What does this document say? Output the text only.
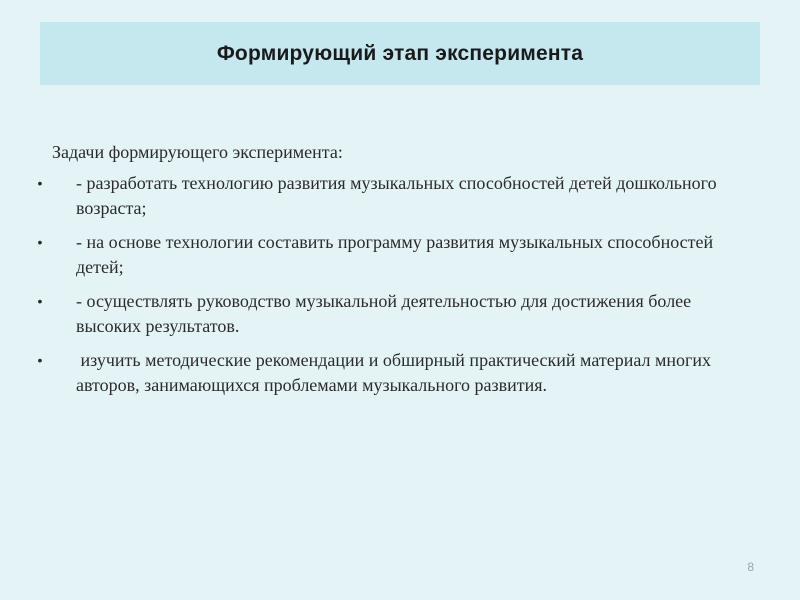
Формирующий этап эксперимента

Задачи формирующего эксперимента:

•	- разработать технологию развития музыкальных способностей детей дошкольного возраста;
•	- на основе технологии составить программу развития музыкальных способностей детей;
•	- осуществлять руководство музыкальной деятельностью для достижения более высоких результатов.
•	изучить методические рекомендации и обширный практический материал многих авторов, занимающихся проблемами музыкального развития.
8
